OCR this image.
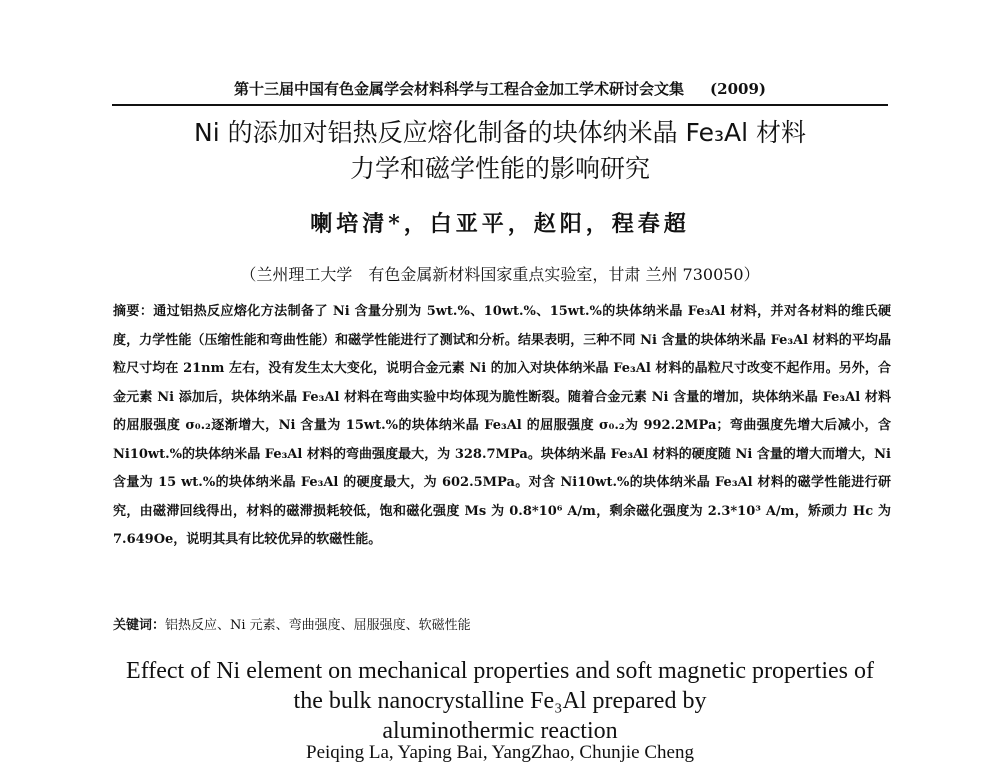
第十三届中国有色金属学会材料科学与工程合金加工学术研讨会文集 (2009)
Ni 的添加对铝热反应熔化制备的块体纳米晶 Fe₃Al 材料
力学和磁学性能的影响研究
喇培清*，白亚平，赵阳，程春超
（兰州理工大学　有色金属新材料国家重点实验室，甘肃 兰州 730050）
摘要：通过铝热反应熔化方法制备了 Ni 含量分别为 5wt.%、10wt.%、15wt.%的块体纳米晶 Fe₃Al 材料，并对各材料的维氏硬度，力学性能（压缩性能和弯曲性能）和磁学性能进行了测试和分析。结果表明，三种不同 Ni 含量的块体纳米晶 Fe₃Al 材料的平均晶粒尺寸均在 21nm 左右，没有发生太大变化，说明合金元素 Ni 的加入对块体纳米晶 Fe₃Al 材料的晶粒尺寸改变不起作用。另外，合金元素 Ni 添加后，块体纳米晶 Fe₃Al 材料在弯曲实验中均体现为脆性断裂。随着合金元素 Ni 含量的增加，块体纳米晶 Fe₃Al 材料的屈服强度 σ₀.₂逐渐增大，Ni 含量为 15wt.%的块体纳米晶 Fe₃Al 的屈服强度 σ₀.₂为 992.2MPa；弯曲强度先增大后减小，含 Ni10wt.%的块体纳米晶 Fe₃Al 材料的弯曲强度最大，为 328.7MPa。块体纳米晶 Fe₃Al 材料的硬度随 Ni 含量的增大而增大，Ni 含量为 15 wt.%的块体纳米晶 Fe₃Al 的硬度最大，为 602.5MPa。对含 Ni10wt.%的块体纳米晶 Fe₃Al 材料的磁学性能进行研究，由磁滞回线得出，材料的磁滞损耗较低，饱和磁化强度 Ms 为 0.8*10⁶ A/m，剩余磁化强度为 2.3*10³ A/m，矫顽力 Hc 为 7.649Oe，说明其具有比较优异的软磁性能。
关键词：铝热反应、Ni 元素、弯曲强度、屈服强度、软磁性能
Effect of Ni element on mechanical properties and soft magnetic properties of
the bulk nanocrystalline Fe₃Al prepared by
aluminothermic reaction
Peiqing La, Yaping Bai, YangZhao, Chunjie Cheng
